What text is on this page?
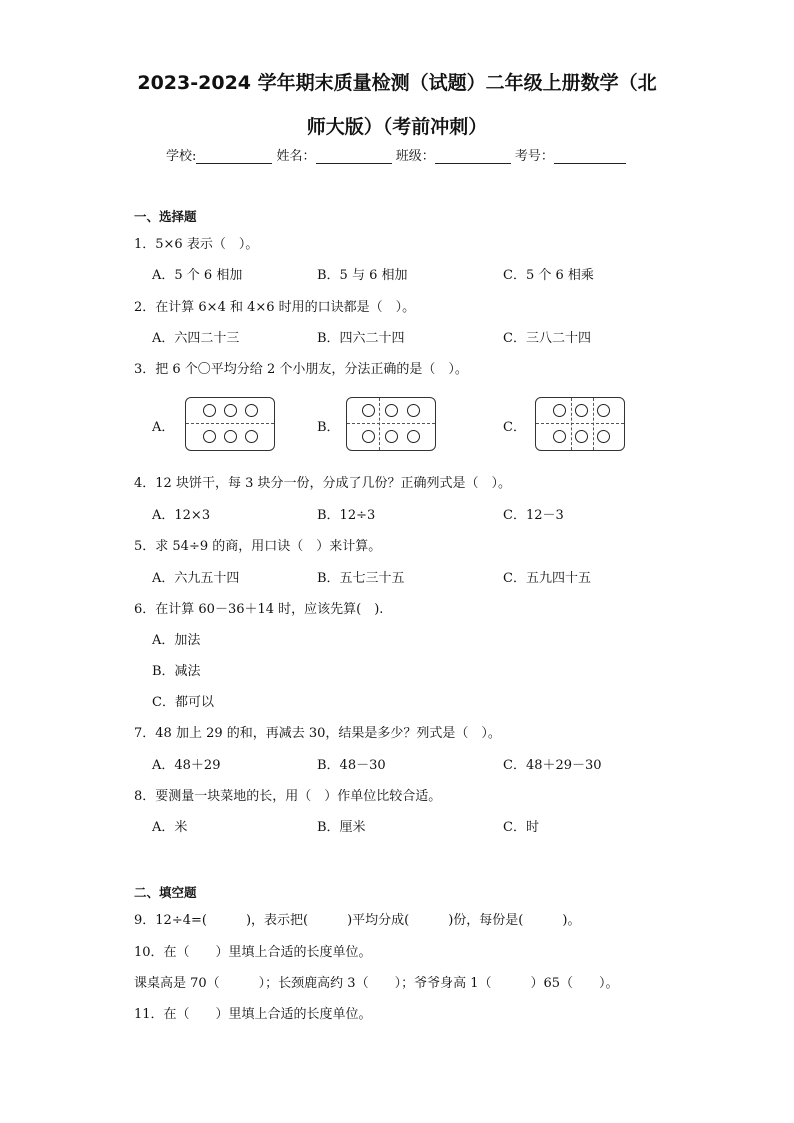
2023-2024 学年期末质量检测（试题）二年级上册数学（北
师大版）（考前冲刺）
学校:	姓名：	班级：	考号：
一、选择题
1．5×6 表示（　）。
A．5 个 6 相加	B．5 与 6 相加	C．5 个 6 相乘
2．在计算 6×4 和 4×6 时用的口诀都是（　）。
A．六四二十三	B．四六二十四	C．三八二十四
3．把 6 个〇平均分给 2 个小朋友，分法正确的是（　）。
A．	B．	C．
4．12 块饼干，每 3 块分一份，分成了几份？正确列式是（　）。
A．12×3	B．12÷3	C．12－3
5．求 54÷9 的商，用口诀（　）来计算。
A．六九五十四	B．五七三十五	C．五九四十五
6．在计算 60－36＋14 时，应该先算(　).
A．加法
B．减法
C．都可以
7．48 加上 29 的和，再减去 30，结果是多少？列式是（　）。
A．48＋29	B．48－30	C．48＋29－30
8．要测量一块菜地的长，用（　）作单位比较合适。
A．米	B．厘米	C．时
二、填空题
9．12÷4=(　　　)，表示把(　　　)平均分成(　　　)份，每份是(　　　)。
10．在（　　）里填上合适的长度单位。
课桌高是 70（　　　）；长颈鹿高约 3（　　）；爷爷身高 1（　　　）65（　　）。
11．在（　　）里填上合适的长度单位。
